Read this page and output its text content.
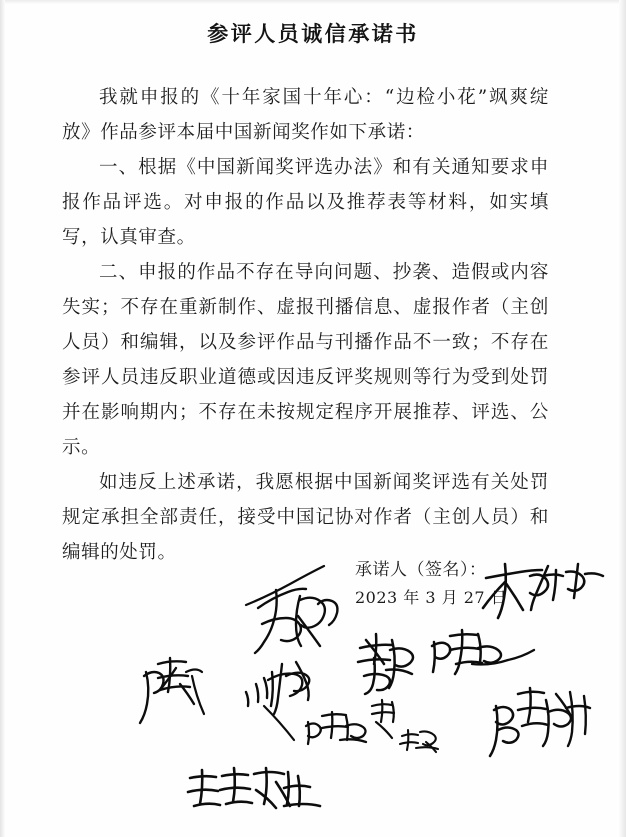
参评人员诚信承诺书

我就申报的《十年家国十年心：“边检小花”飒爽绽放》作品参评本届中国新闻奖作如下承诺：

一、根据《中国新闻奖评选办法》和有关通知要求申报作品评选。对申报的作品以及推荐表等材料，如实填写，认真审查。

二、申报的作品不存在导向问题、抄袭、造假或内容失实；不存在重新制作、虚报刊播信息、虚报作者（主创人员）和编辑，以及参评作品与刊播作品不一致；不存在参评人员违反职业道德或因违反评奖规则等行为受到处罚并在影响期内；不存在未按规定程序开展推荐、评选、公示。

如违反上述承诺，我愿根据中国新闻奖评选有关处罚规定承担全部责任，接受中国记协对作者（主创人员）和编辑的处罚。

承诺人（签名）：
2023 年 3 月 27 日
